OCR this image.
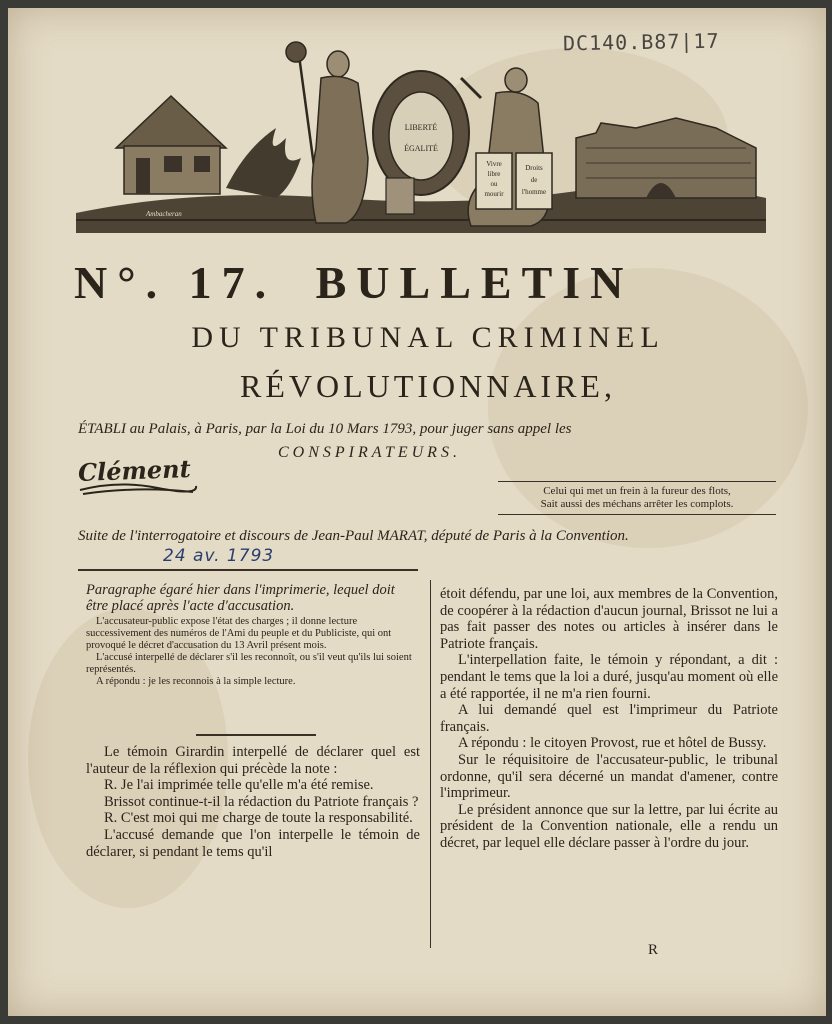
DC140.B87|17
LIBERTÉ
ÉGALITÉ
Vivre
libre
ou
mourir
Droits
de
l'homme
Ambacheran
N°. 17. BULLETIN
DU TRIBUNAL CRIMINEL
RÉVOLUTIONNAIRE,
ÉTABLI au Palais, à Paris, par la Loi du 10 Mars 1793, pour juger sans appel les
CONSPIRATEURS.
Clément
Celui qui met un frein à la fureur des flots,
Sait aussi des méchans arrêter les complots.
Suite de l'interrogatoire et discours de Jean-Paul MARAT, député de Paris à la Convention.
24 av. 1793

Paragraphe égaré hier dans l'imprimerie, lequel doit être placé après l'acte d'accusation.

L'accusateur-public expose l'état des charges ; il donne lecture successivement des numéros de l'Ami du peuple et du Publiciste, qui ont provoqué le décret d'accusation du 13 Avril présent mois.

L'accusé interpellé de déclarer s'il les reconnoît, ou s'il veut qu'ils lui soient représentés.

A répondu : je les reconnois à la simple lecture.

Le témoin Girardin interpellé de déclarer quel est l'auteur de la réflexion qui précède la note :

R. Je l'ai imprimée telle qu'elle m'a été remise.

Brissot continue-t-il la rédaction du Patriote français ?

R. C'est moi qui me charge de toute la responsabilité.

L'accusé demande que l'on interpelle le témoin de déclarer, si pendant le tems qu'il

étoit défendu, par une loi, aux membres de la Convention, de coopérer à la rédaction d'aucun journal, Brissot ne lui a pas fait passer des notes ou articles à insérer dans le Patriote français.

L'interpellation faite, le témoin y répondant, a dit : pendant le tems que la loi a duré, jusqu'au moment où elle a été rapportée, il ne m'a rien fourni.

A lui demandé quel est l'imprimeur du Patriote français.

A répondu : le citoyen Provost, rue et hôtel de Bussy.

Sur le réquisitoire de l'accusateur-public, le tribunal ordonne, qu'il sera décerné un mandat d'amener, contre l'imprimeur.

Le président annonce que sur la lettre, par lui écrite au président de la Convention nationale, elle a rendu un décret, par lequel elle déclare passer à l'ordre du jour.

R
